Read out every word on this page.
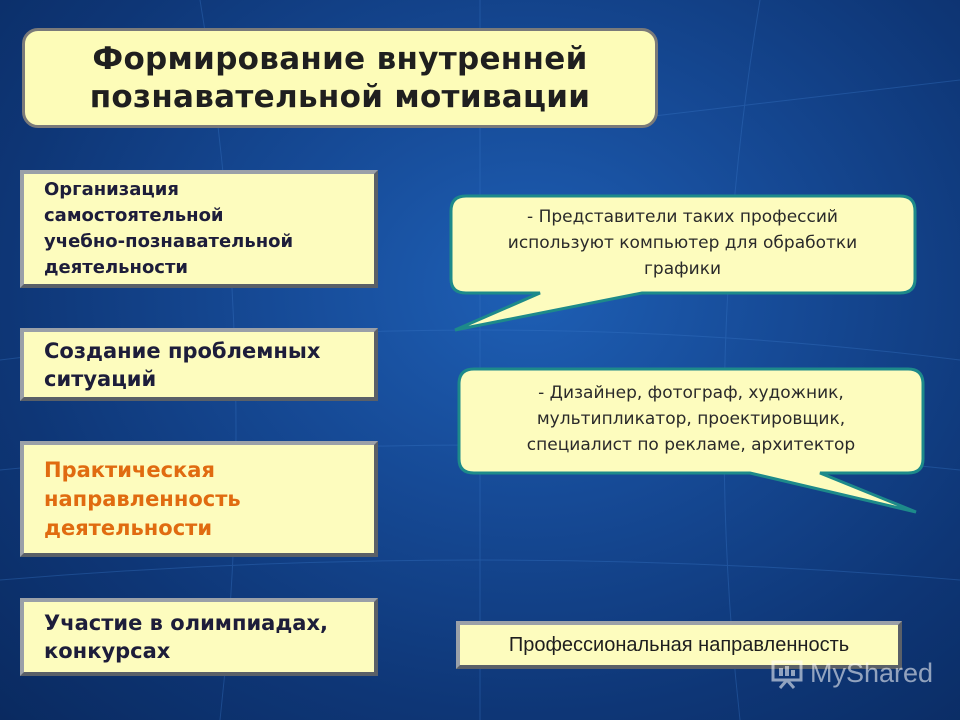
Формирование внутренней
познавательной мотивации
Организация
самостоятельной
учебно-познавательной
деятельности
Создание проблемных
ситуаций
Практическая
направленность
деятельности
Участие в олимпиадах,
конкурсах
- Представители таких профессий
используют компьютер для обработки
графики
- Дизайнер, фотограф, художник,
мультипликатор, проектировщик,
специалист по рекламе, архитектор
Профессиональная направленность
MyShared
